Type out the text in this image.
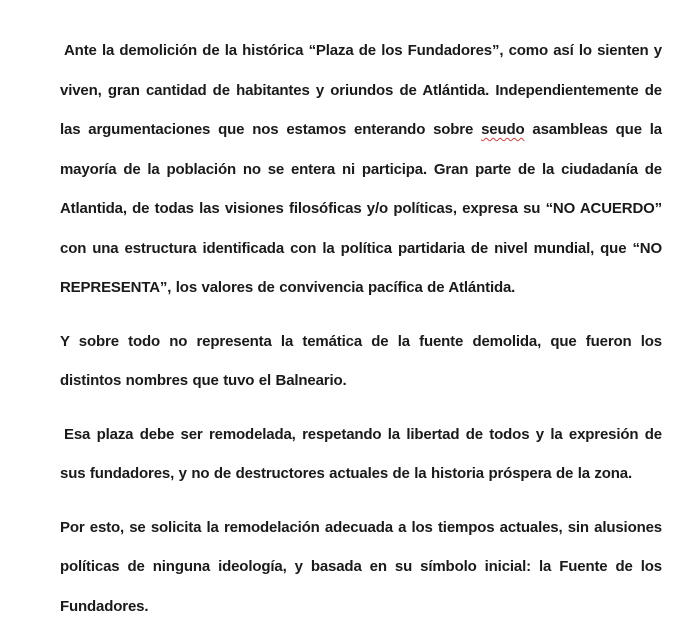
Ante la demolición de la histórica “Plaza de los Fundadores”, como así lo sienten y viven, gran cantidad de habitantes y oriundos de Atlántida. Independientemente de las argumentaciones que nos estamos enterando sobre seudo asambleas que la mayoría de la población no se entera ni participa. Gran parte de la ciudadanía de Atlantida, de todas las visiones filosóficas y/o políticas, expresa su “NO ACUERDO” con una estructura identificada con la política partidaria de nivel mundial, que “NO REPRESENTA”, los valores de convivencia pacífica de Atlántida.

Y sobre todo no representa la temática de la fuente demolida, que fueron los distintos nombres que tuvo el Balneario.

Esa plaza debe ser remodelada, respetando la libertad de todos y la expresión de sus fundadores, y no de destructores actuales de la historia próspera de la zona.

Por esto, se solicita la remodelación adecuada a los tiempos actuales, sin alusiones políticas de ninguna ideología, y basada en su símbolo inicial: la Fuente de los Fundadores.
